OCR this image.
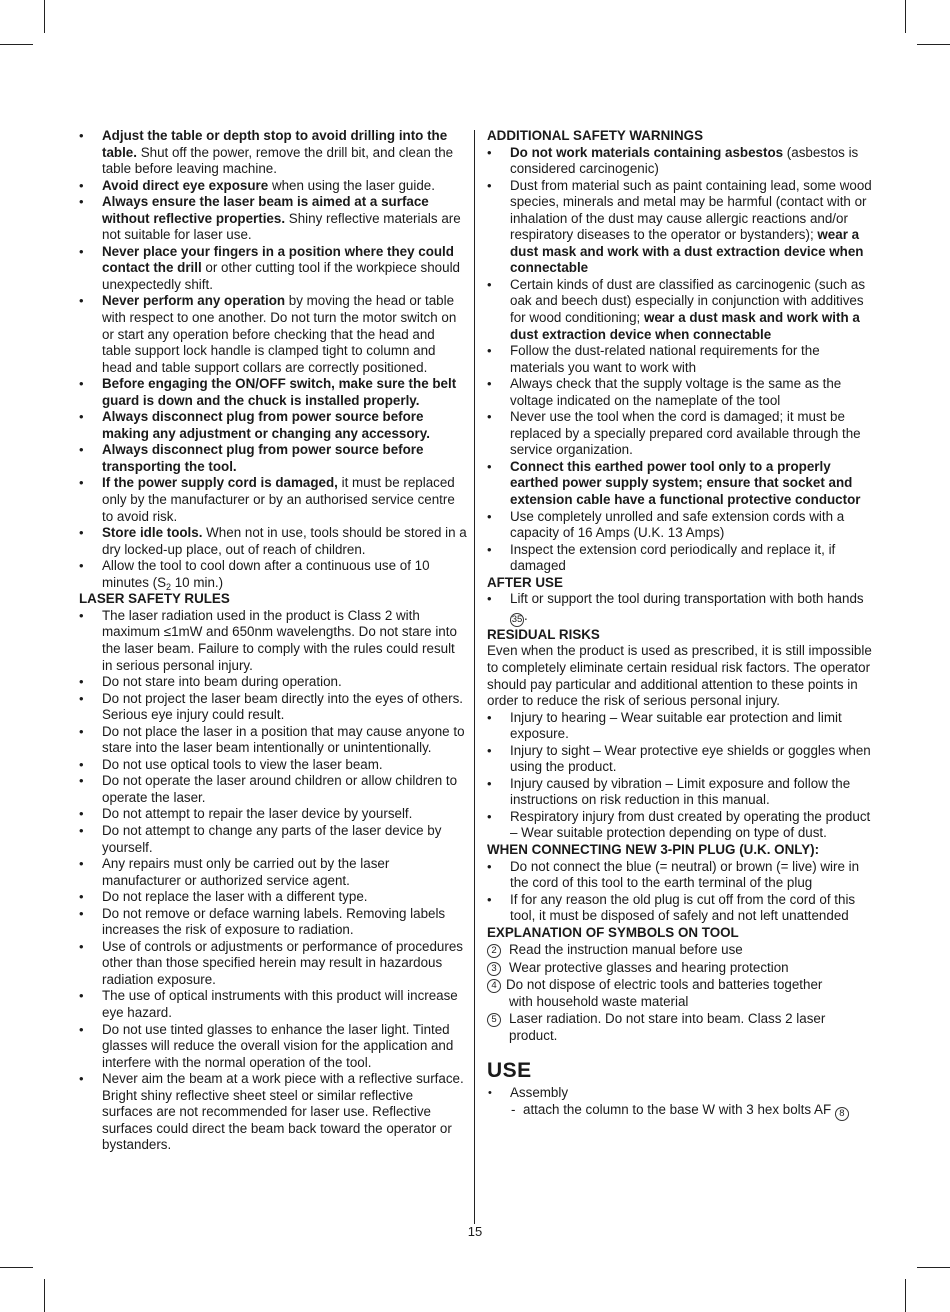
• Adjust the table or depth stop to avoid drilling into the table. Shut off the power, remove the drill bit, and clean the table before leaving machine.
• Avoid direct eye exposure when using the laser guide.
• Always ensure the laser beam is aimed at a surface without reflective properties. Shiny reflective materials are not suitable for laser use.
• Never place your fingers in a position where they could contact the drill or other cutting tool if the workpiece should unexpectedly shift.
• Never perform any operation by moving the head or table with respect to one another. Do not turn the motor switch on or start any operation before checking that the head and table support lock handle is clamped tight to column and head and table support collars are correctly positioned.
• Before engaging the ON/OFF switch, make sure the belt guard is down and the chuck is installed properly.
• Always disconnect plug from power source before making any adjustment or changing any accessory.
• Always disconnect plug from power source before transporting the tool.
• If the power supply cord is damaged, it must be replaced only by the manufacturer or by an authorised service centre to avoid risk.
• Store idle tools. When not in use, tools should be stored in a dry locked-up place, out of reach of children.
• Allow the tool to cool down after a continuous use of 10 minutes ($S_2$ 10 min.)
LASER SAFETY RULES
• The laser radiation used in the product is Class 2 with maximum ≤1mW and 650nm wavelengths. Do not stare into the laser beam. Failure to comply with the rules could result in serious personal injury.
• Do not stare into beam during operation.
• Do not project the laser beam directly into the eyes of others. Serious eye injury could result.
• Do not place the laser in a position that may cause anyone to stare into the laser beam intentionally or unintentionally.
• Do not use optical tools to view the laser beam.
• Do not operate the laser around children or allow children to operate the laser.
• Do not attempt to repair the laser device by yourself.
• Do not attempt to change any parts of the laser device by yourself.
• Any repairs must only be carried out by the laser manufacturer or authorized service agent.
• Do not replace the laser with a different type.
• Do not remove or deface warning labels. Removing labels increases the risk of exposure to radiation.
• Use of controls or adjustments or performance of procedures other than those specified herein may result in hazardous radiation exposure.
• The use of optical instruments with this product will increase eye hazard.
• Do not use tinted glasses to enhance the laser light. Tinted glasses will reduce the overall vision for the application and interfere with the normal operation of the tool.
• Never aim the beam at a work piece with a reflective surface. Bright shiny reflective sheet steel or similar reflective surfaces are not recommended for laser use. Reflective surfaces could direct the beam back toward the operator or bystanders.
ADDITIONAL SAFETY WARNINGS
• Do not work materials containing asbestos (asbestos is considered carcinogenic)
• Dust from material such as paint containing lead, some wood species, minerals and metal may be harmful (contact with or inhalation of the dust may cause allergic reactions and/or respiratory diseases to the operator or bystanders); wear a dust mask and work with a dust extraction device when connectable
• Certain kinds of dust are classified as carcinogenic (such as oak and beech dust) especially in conjunction with additives for wood conditioning; wear a dust mask and work with a dust extraction device when connectable
• Follow the dust-related national requirements for the materials you want to work with
• Always check that the supply voltage is the same as the voltage indicated on the nameplate of the tool
• Never use the tool when the cord is damaged; it must be replaced by a specially prepared cord available through the service organization.
• Connect this earthed power tool only to a properly earthed power supply system; ensure that socket and extension cable have a functional protective conductor
• Use completely unrolled and safe extension cords with a capacity of 16 Amps (U.K. 13 Amps)
• Inspect the extension cord periodically and replace it, if damaged
AFTER USE
• Lift or support the tool during transportation with both hands 35 .
RESIDUAL RISKS
Even when the product is used as prescribed, it is still impossible to completely eliminate certain residual risk factors. The operator should pay particular and additional attention to these points in order to reduce the risk of serious personal injury.
• Injury to hearing – Wear suitable ear protection and limit exposure.
• Injury to sight – Wear protective eye shields or goggles when using the product.
• Injury caused by vibration – Limit exposure and follow the instructions on risk reduction in this manual.
• Respiratory injury from dust created by operating the product – Wear suitable protection depending on type of dust.
WHEN CONNECTING NEW 3-PIN PLUG (U.K. ONLY):
• Do not connect the blue (= neutral) or brown (= live) wire in the cord of this tool to the earth terminal of the plug
• If for any reason the old plug is cut off from the cord of this tool, it must be disposed of safely and not left unattended
EXPLANATION OF SYMBOLS ON TOOL
2 Read the instruction manual before use
3 Wear protective glasses and hearing protection
4 Do not dispose of electric tools and batteries together
with household waste material
5 Laser radiation. Do not stare into beam. Class 2 laser
product.
USE
• Assembly
- attach the column to the base W with 3 hex bolts AF 8
15
